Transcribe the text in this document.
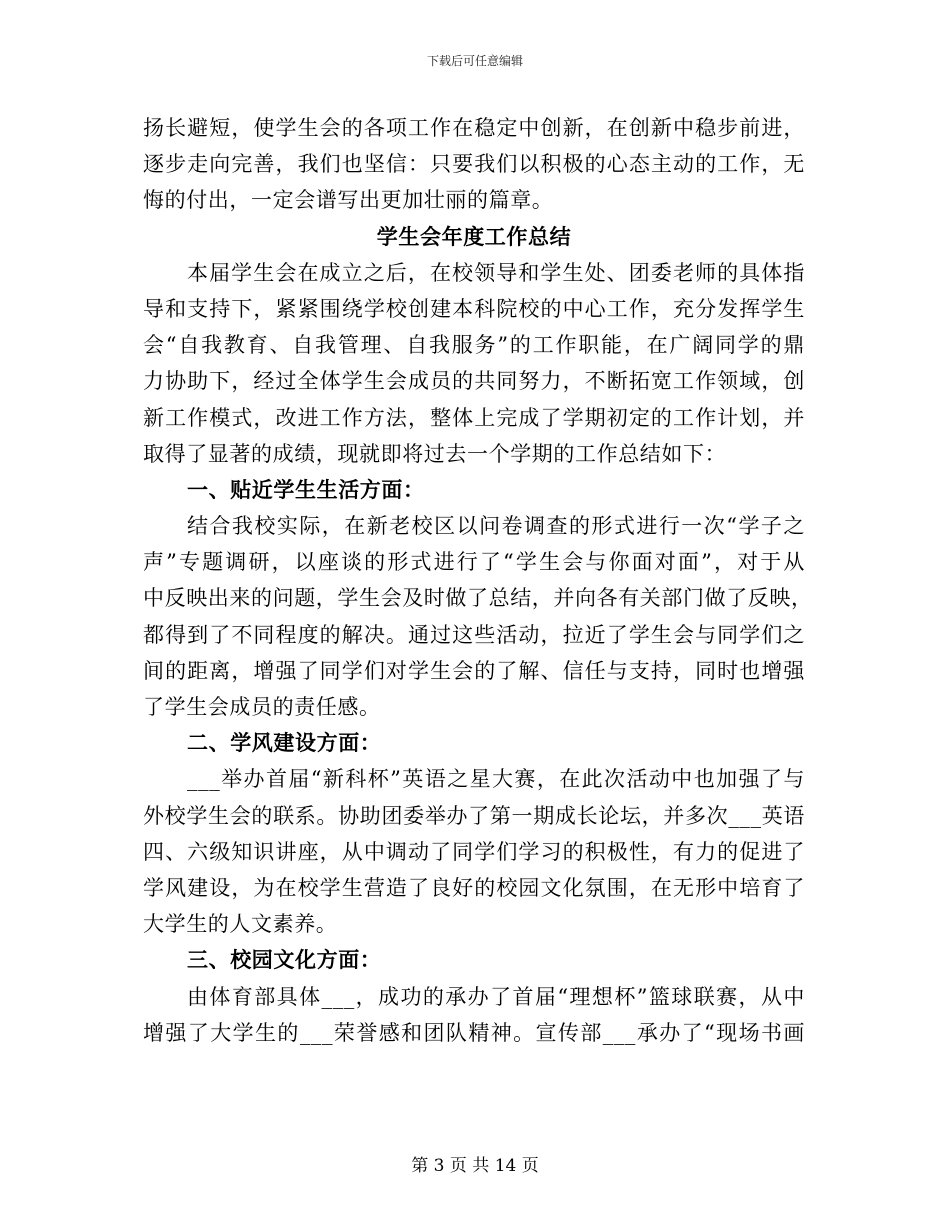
下载后可任意编辑
扬长避短，使学生会的各项工作在稳定中创新，在创新中稳步前进，
逐步走向完善，我们也坚信：只要我们以积极的心态主动的工作，无
悔的付出，一定会谱写出更加壮丽的篇章。
学生会年度工作总结
本届学生会在成立之后，在校领导和学生处、团委老师的具体指
导和支持下，紧紧围绕学校创建本科院校的中心工作，充分发挥学生
会“自我教育、自我管理、自我服务”的工作职能，在广阔同学的鼎
力协助下，经过全体学生会成员的共同努力，不断拓宽工作领域，创
新工作模式，改进工作方法，整体上完成了学期初定的工作计划，并
取得了显著的成绩，现就即将过去一个学期的工作总结如下：
一、贴近学生生活方面：
结合我校实际，在新老校区以问卷调查的形式进行一次“学子之
声”专题调研，以座谈的形式进行了“学生会与你面对面”，对于从
中反映出来的问题，学生会及时做了总结，并向各有关部门做了反映，
都得到了不同程度的解决。通过这些活动，拉近了学生会与同学们之
间的距离，增强了同学们对学生会的了解、信任与支持，同时也增强
了学生会成员的责任感。
二、学风建设方面：
___举办首届“新科杯”英语之星大赛，在此次活动中也加强了与
外校学生会的联系。协助团委举办了第一期成长论坛，并多次___英语
四、六级知识讲座，从中调动了同学们学习的积极性，有力的促进了
学风建设，为在校学生营造了良好的校园文化氛围，在无形中培育了
大学生的人文素养。
三、校园文化方面：
由体育部具体___，成功的承办了首届“理想杯”篮球联赛，从中
增强了大学生的___荣誉感和团队精神。宣传部___承办了“现场书画
第 3 页 共 14 页
